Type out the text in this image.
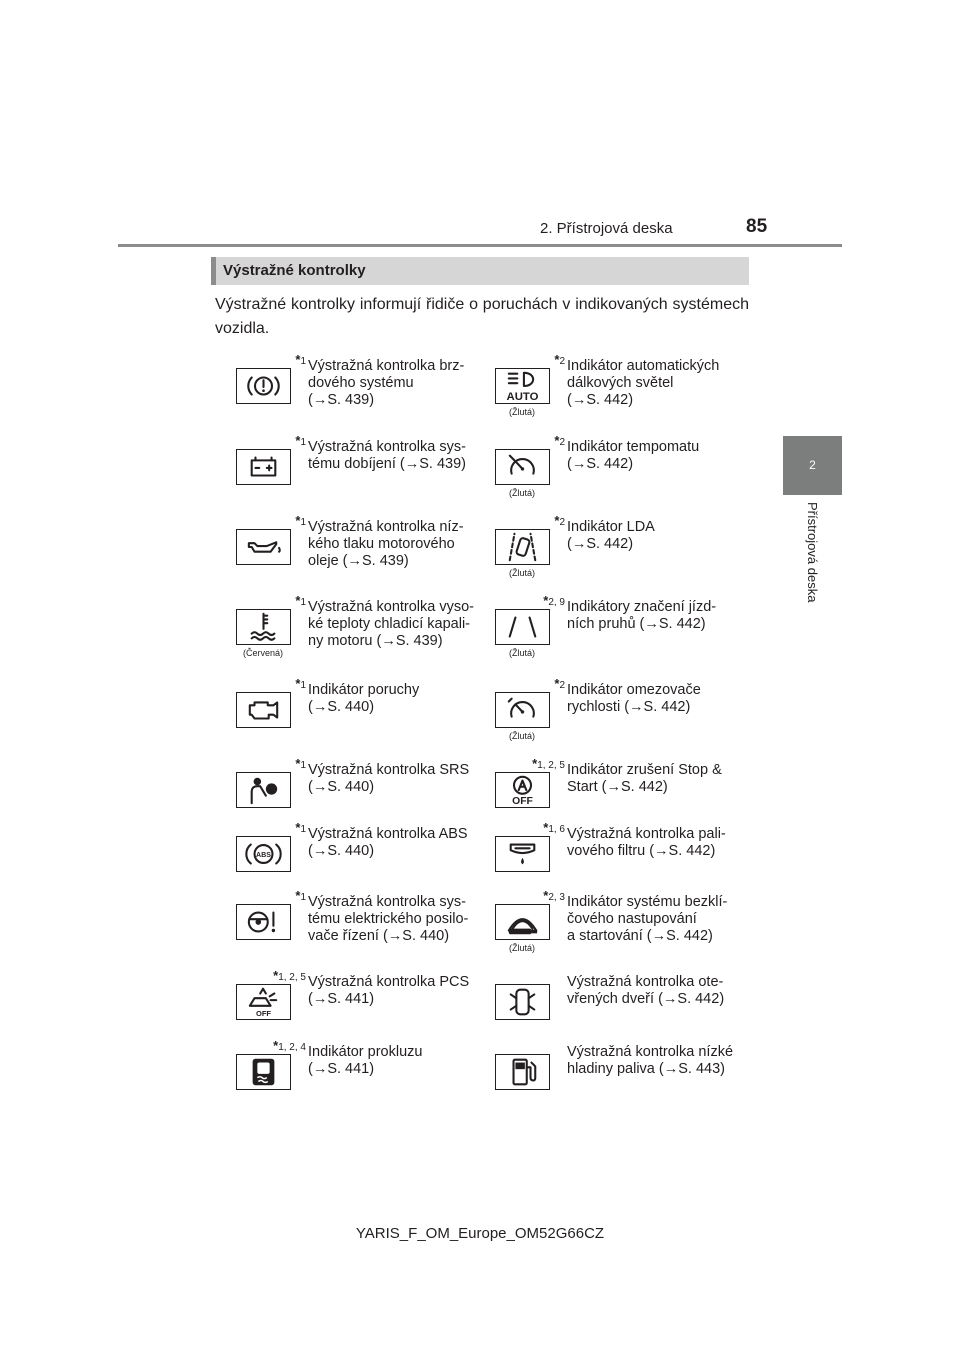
2. Přístrojová deska	85
2
Přístrojová deska
Výstražné kontrolky
Výstražné kontrolky informují řidiče o poruchách v indikovaných systémech vozidla.
*1 Výstražná kontrolka brz-
dového systému
(→S. 439)
*2
AUTO
(Žlutá)
Indikátor automatických
dálkových světel
(→S. 442)
*1 Výstražná kontrolka sys-
tému dobíjení (→S. 439)
*2
(Žlutá)
Indikátor tempomatu
(→S. 442)
*1 Výstražná kontrolka níz-
kého tlaku motorového
oleje (→S. 439)
*2
(Žlutá)
Indikátor LDA
(→S. 442)
*1
(Červená)
Výstražná kontrolka vyso-
ké teploty chladicí kapali-
ny motoru (→S. 439)
*2, 9
(Žlutá)
Indikátory značení jízd-
ních pruhů (→S. 442)
*1 Indikátor poruchy
(→S. 440)
*2
(Žlutá)
Indikátor omezovače
rychlosti (→S. 442)
*1 Výstražná kontrolka SRS
(→S. 440)
*1, 2, 5
OFF
Indikátor zrušení Stop &
Start (→S. 442)
*1
ABS
Výstražná kontrolka ABS
(→S. 440)
*1, 6 Výstražná kontrolka pali-
vového filtru (→S. 442)
*1 Výstražná kontrolka sys-
tému elektrického posilo-
vače řízení (→S. 440)
*2, 3
(Žlutá)
Indikátor systému bezklí-
čového nastupování
a startování (→S. 442)
*1, 2, 5
OFF
Výstražná kontrolka PCS
(→S. 441)
Výstražná kontrolka ote-
vřených dveří (→S. 442)
*1, 2, 4 Indikátor prokluzu
(→S. 441)
Výstražná kontrolka nízké
hladiny paliva (→S. 443)
YARIS_F_OM_Europe_OM52G66CZ
